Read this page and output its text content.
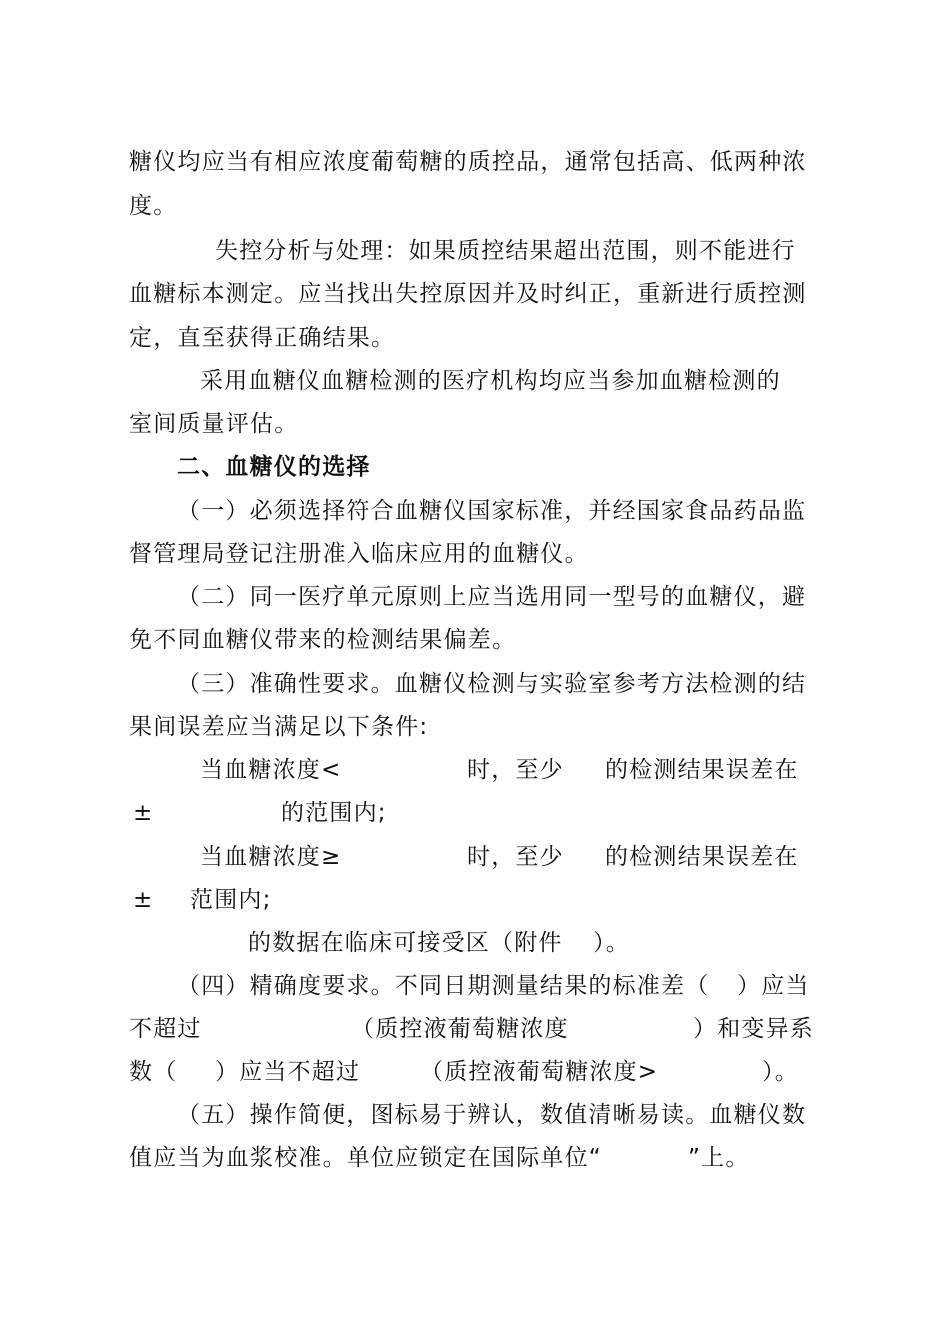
糖仪均应当有相应浓度葡萄糖的质控品，通常包括高、低两种浓
度。
失控分析与处理：如果质控结果超出范围，则不能进行
血糖标本测定。应当找出失控原因并及时纠正，重新进行质控测
定，直至获得正确结果。
采用血糖仪血糖检测的医疗机构均应当参加血糖检测的
室间质量评估。
二、血糖仪的选择
（一）必须选择符合血糖仪国家标准，并经国家食品药品监
督管理局登记注册准入临床应用的血糖仪。
（二）同一医疗单元原则上应当选用同一型号的血糖仪，避
免不同血糖仪带来的检测结果偏差。
（三）准确性要求。血糖仪检测与实验室参考方法检测的结
果间误差应当满足以下条件:
当血糖浓度<	时，至少 的检测结果误差在
±	的范围内;
当血糖浓度≥	时，至少 的检测结果误差在
± 范围内;
的数据在临床可接受区（附件 ）。
（四）精确度要求。不同日期测量结果的标准差（ ）应当
不超过	（质控液葡萄糖浓度	）和变异系
数（ ）应当不超过	（质控液葡萄糖浓度>	）。
（五）操作简便，图标易于辨认，数值清晰易读。血糖仪数
值应当为血浆校准。单位应锁定在国际单位“	”上。
